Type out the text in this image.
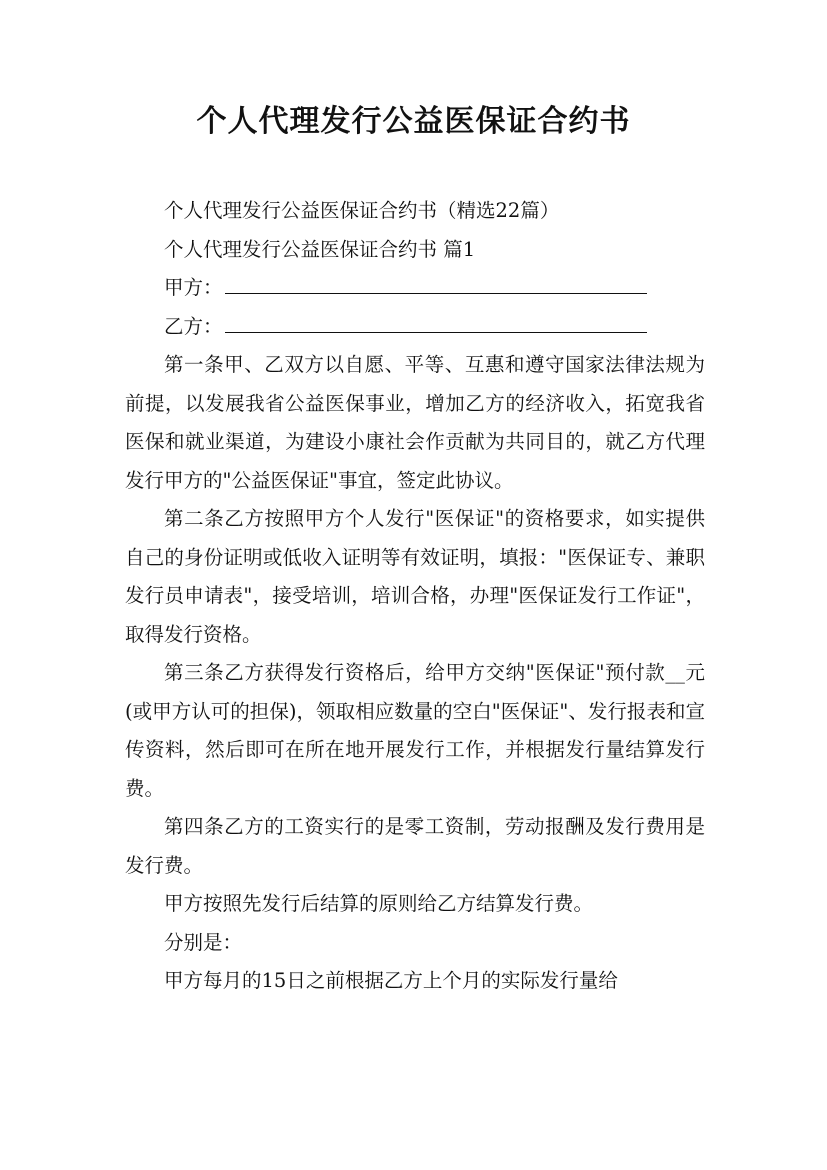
个人代理发行公益医保证合约书

个人代理发行公益医保证合约书（精选22篇）

个人代理发行公益医保证合约书 篇1

甲方：

乙方：

第一条甲、乙双方以自愿、平等、互惠和遵守国家法律法规为前提，以发展我省公益医保事业，增加乙方的经济收入，拓宽我省医保和就业渠道，为建设小康社会作贡献为共同目的，就乙方代理发行甲方的"公益医保证"事宜，签定此协议。

第二条乙方按照甲方个人发行"医保证"的资格要求，如实提供自己的身份证明或低收入证明等有效证明，填报："医保证专、兼职发行员申请表"，接受培训，培训合格，办理"医保证发行工作证"，取得发行资格。

第三条乙方获得发行资格后，给甲方交纳"医保证"预付款__元(或甲方认可的担保)，领取相应数量的空白"医保证"、发行报表和宣传资料，然后即可在所在地开展发行工作，并根据发行量结算发行费。

第四条乙方的工资实行的是零工资制，劳动报酬及发行费用是发行费。

甲方按照先发行后结算的原则给乙方结算发行费。

分别是：

甲方每月的15日之前根据乙方上个月的实际发行量给
